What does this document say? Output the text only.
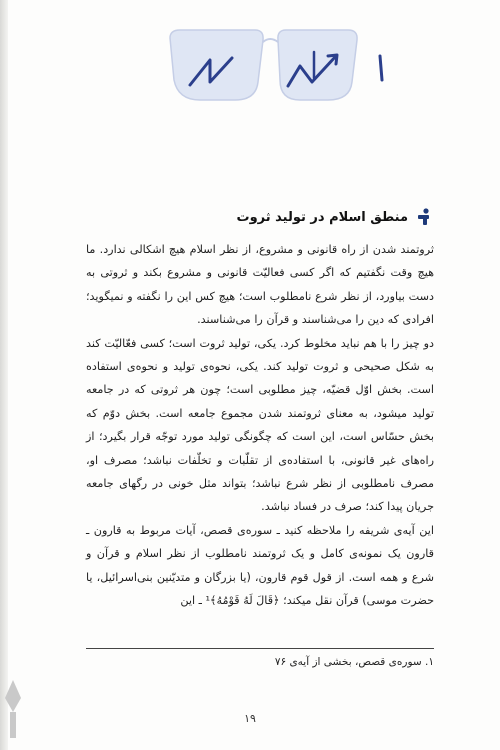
منطق اسلام در تولید ثروت

ثروتمند شدن از راه قانونی و مشروع، از نظر اسلام هیچ اشکالی ندارد. ما هیچ وقت نگفتیم که اگر کسی فعالیّت قانونی و مشروع بکند و ثروتی به دست بیاورد، از نظر شرع نامطلوب است؛ هیچ کس این را نگفته و نمیگوید؛ افرادی که دین را می‌شناسند و قرآن را می‌شناسند.

دو چیز را با هم نباید مخلوط کرد. یکی، تولید ثروت است؛ کسی فعّالیّت کند به شکل صحیحی و ثروت تولید کند. یکی، نحوه‌ی تولید و نحوه‌ی استفاده است. بخش اوّل قضیّه، چیز مطلوبی است؛ چون هر ثروتی که در جامعه تولید میشود، به معنای ثروتمند شدن مجموع جامعه است. بخش دوّم که بخش حسّاس است، این است که چگونگی تولید مورد توجّه قرار بگیرد؛ از راه‌های غیر قانونی، با استفاده‌ی از تقلّبات و تخلّفات نباشد؛ مصرف او، مصرف نامطلوبی از نظر شرع نباشد؛ بتواند مثل خونی در رگهای جامعه جریان پیدا کند؛ صرف در فساد نباشد.

این آیه‌ی شریفه را ملاحظه کنید ـ سوره‌ی قصص، آیات مربوط به قارون ـ قارون یک نمونه‌ی کامل و یک ثروتمند نامطلوب از نظر اسلام و قرآن و شرع و همه است. از قول قوم قارون، (یا بزرگان و متدیّنین بنی‌اسرائیل، یا حضرت موسی) قرآن نقل میکند؛ ﴿قَالَ لَهُ قَوْمُهُ﴾¹ ـ این

۱. سوره‌ی قصص، بخشی از آیه‌ی ۷۶
۱۹
